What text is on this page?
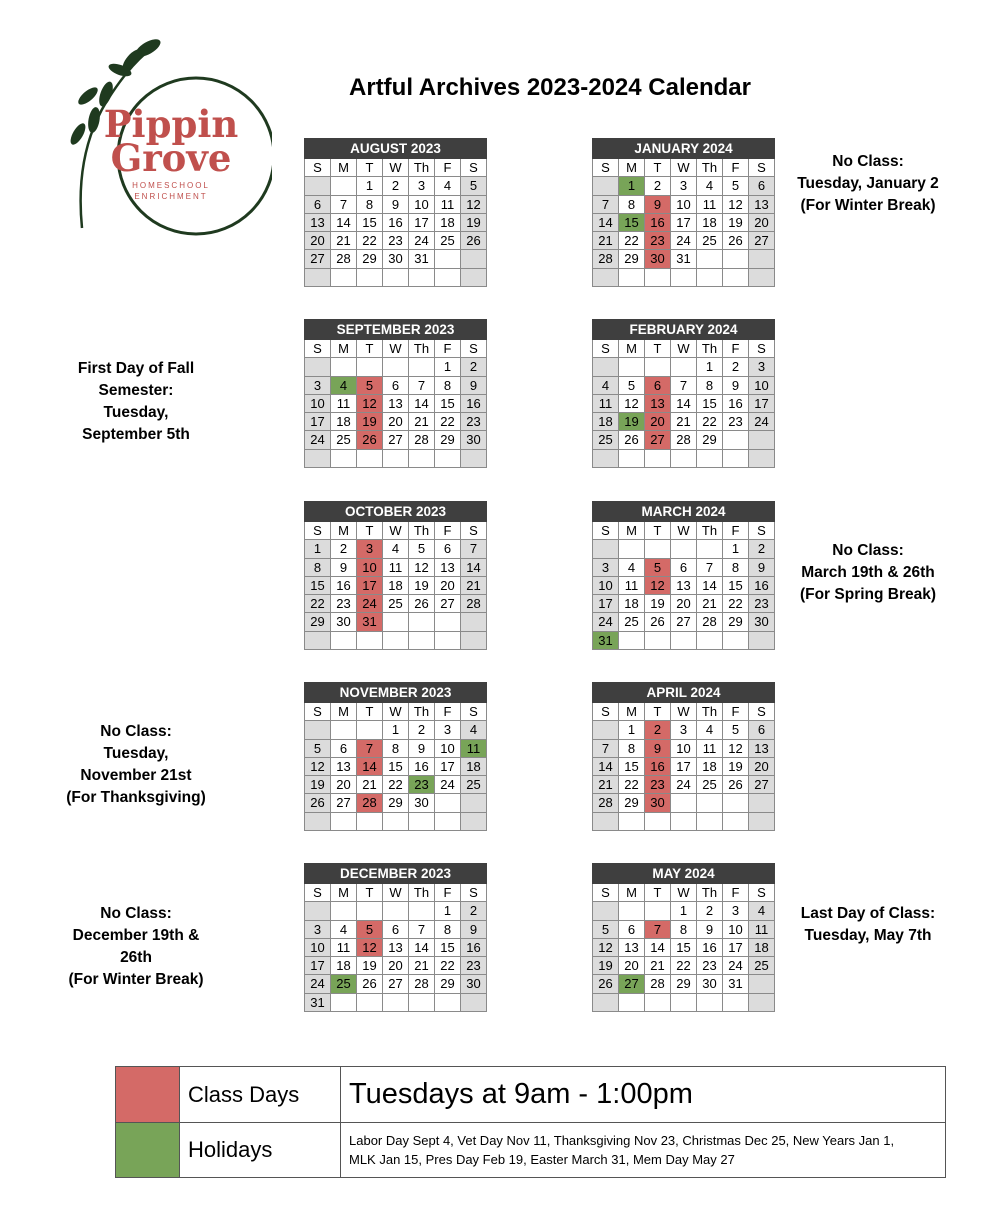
Pippin
Grove
HOMESCHOOL
ENRICHMENT
Artful Archives 2023-2024 Calendar
AUGUST 2023						
S	M	T	W	Th	F	S
		1	2	3	4	5
6	7	8	9	10	11	12
13	14	15	16	17	18	19
20	21	22	23	24	25	26
27	28	29	30	31		

SEPTEMBER 2023						
S	M	T	W	Th	F	S
					1	2
3	4	5	6	7	8	9
10	11	12	13	14	15	16
17	18	19	20	21	22	23
24	25	26	27	28	29	30

OCTOBER 2023						
S	M	T	W	Th	F	S
1	2	3	4	5	6	7
8	9	10	11	12	13	14
15	16	17	18	19	20	21
22	23	24	25	26	27	28
29	30	31				

NOVEMBER 2023						
S	M	T	W	Th	F	S
			1	2	3	4
5	6	7	8	9	10	11
12	13	14	15	16	17	18
19	20	21	22	23	24	25
26	27	28	29	30		

DECEMBER 2023						
S	M	T	W	Th	F	S
					1	2
3	4	5	6	7	8	9
10	11	12	13	14	15	16
17	18	19	20	21	22	23
24	25	26	27	28	29	30
31						
JANUARY 2024						
S	M	T	W	Th	F	S
	1	2	3	4	5	6
7	8	9	10	11	12	13
14	15	16	17	18	19	20
21	22	23	24	25	26	27
28	29	30	31			

FEBRUARY 2024						
S	M	T	W	Th	F	S
				1	2	3
4	5	6	7	8	9	10
11	12	13	14	15	16	17
18	19	20	21	22	23	24
25	26	27	28	29		

MARCH 2024						
S	M	T	W	Th	F	S
					1	2
3	4	5	6	7	8	9
10	11	12	13	14	15	16
17	18	19	20	21	22	23
24	25	26	27	28	29	30
31						
APRIL 2024						
S	M	T	W	Th	F	S
	1	2	3	4	5	6
7	8	9	10	11	12	13
14	15	16	17	18	19	20
21	22	23	24	25	26	27
28	29	30				

MAY 2024						
S	M	T	W	Th	F	S
			1	2	3	4
5	6	7	8	9	10	11
12	13	14	15	16	17	18
19	20	21	22	23	24	25
26	27	28	29	30	31	

First Day of Fall
Semester:
Tuesday,
September 5th
No Class:
Tuesday,
November 21st
(For Thanksgiving)
No Class:
December 19th &
26th
(For Winter Break)
No Class:
Tuesday, January 2
(For Winter Break)
No Class:
March 19th & 26th
(For Spring Break)
Last Day of Class:
Tuesday, May 7th
	Class Days	Tuesdays at 9am - 1:00pm
	Holidays	Labor Day Sept 4, Vet Day Nov 11, Thanksgiving Nov 23, Christmas Dec 25, New Years Jan 1,
MLK Jan 15, Pres Day Feb 19, Easter March 31, Mem Day May 27
